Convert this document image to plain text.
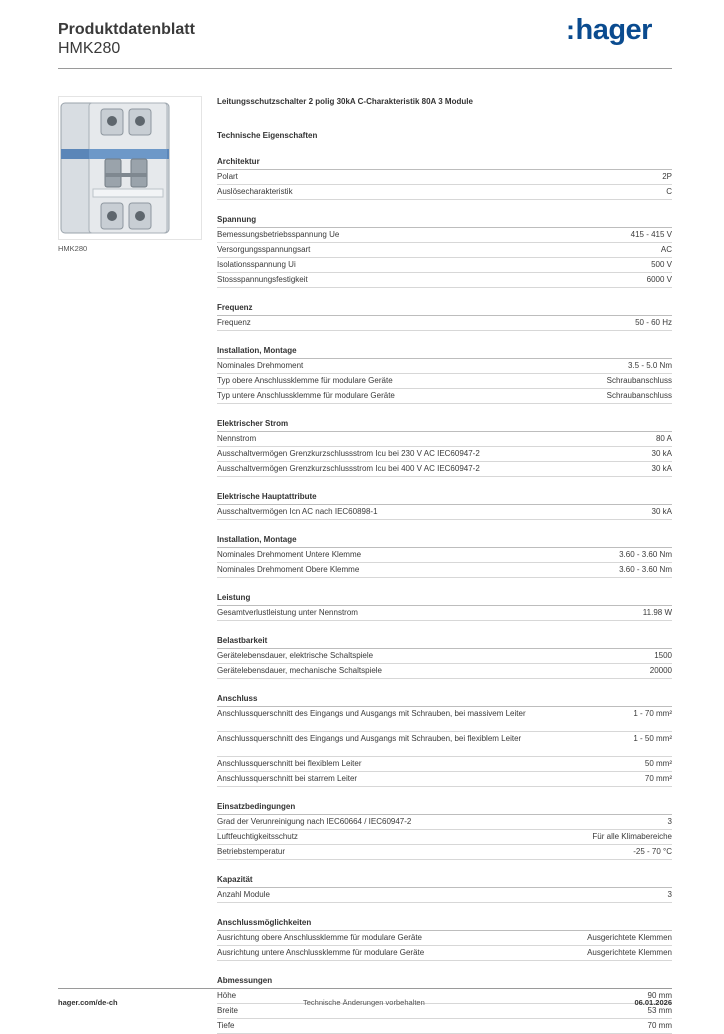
Produktdatenblatt
HMK280
:hager
HMK280
Leitungsschutzschalter 2 polig 30kA C-Charakteristik 80A 3 Module
Technische Eigenschaften
Architektur
Polart	2P
Auslösecharakteristik	C
Spannung
Bemessungsbetriebsspannung Ue	415 - 415 V
Versorgungsspannungsart	AC
Isolationsspannung Ui	500 V
Stossspannungsfestigkeit	6000 V
Frequenz
Frequenz	50 - 60 Hz
Installation, Montage
Nominales Drehmoment	3.5 - 5.0 Nm
Typ obere Anschlussklemme für modulare Geräte	Schraubanschluss
Typ untere Anschlussklemme für modulare Geräte	Schraubanschluss
Elektrischer Strom
Nennstrom	80 A
Ausschaltvermögen Grenzkurzschlussstrom Icu bei 230 V AC IEC60947-2	30 kA
Ausschaltvermögen Grenzkurzschlussstrom Icu bei 400 V AC IEC60947-2	30 kA
Elektrische Hauptattribute
Ausschaltvermögen Icn AC nach IEC60898-1	30 kA
Installation, Montage
Nominales Drehmoment Untere Klemme	3.60 - 3.60 Nm
Nominales Drehmoment Obere Klemme	3.60 - 3.60 Nm
Leistung
Gesamtverlustleistung unter Nennstrom	11.98 W
Belastbarkeit
Gerätelebensdauer, elektrische Schaltspiele	1500
Gerätelebensdauer, mechanische Schaltspiele	20000
Anschluss
Anschlussquerschnitt des Eingangs und Ausgangs mit Schrauben, bei massivem Leiter	1 - 70 mm²
Anschlussquerschnitt des Eingangs und Ausgangs mit Schrauben, bei flexiblem Leiter	1 - 50 mm²
Anschlussquerschnitt bei flexiblem Leiter	50 mm²
Anschlussquerschnitt bei starrem Leiter	70 mm²
Einsatzbedingungen
Grad der Verunreinigung nach IEC60664 / IEC60947-2	3
Luftfeuchtigkeitsschutz	Für alle Klimabereiche
Betriebstemperatur	-25 - 70 °C
Kapazität
Anzahl Module	3
Anschlussmöglichkeiten
Ausrichtung obere Anschlussklemme für modulare Geräte	Ausgerichtete Klemmen
Ausrichtung untere Anschlussklemme für modulare Geräte	Ausgerichtete Klemmen
Abmessungen
Höhe	90 mm
Breite	53 mm
Tiefe	70 mm
hager.com/de-ch	Technische Änderungen vorbehalten	06.01.2026
